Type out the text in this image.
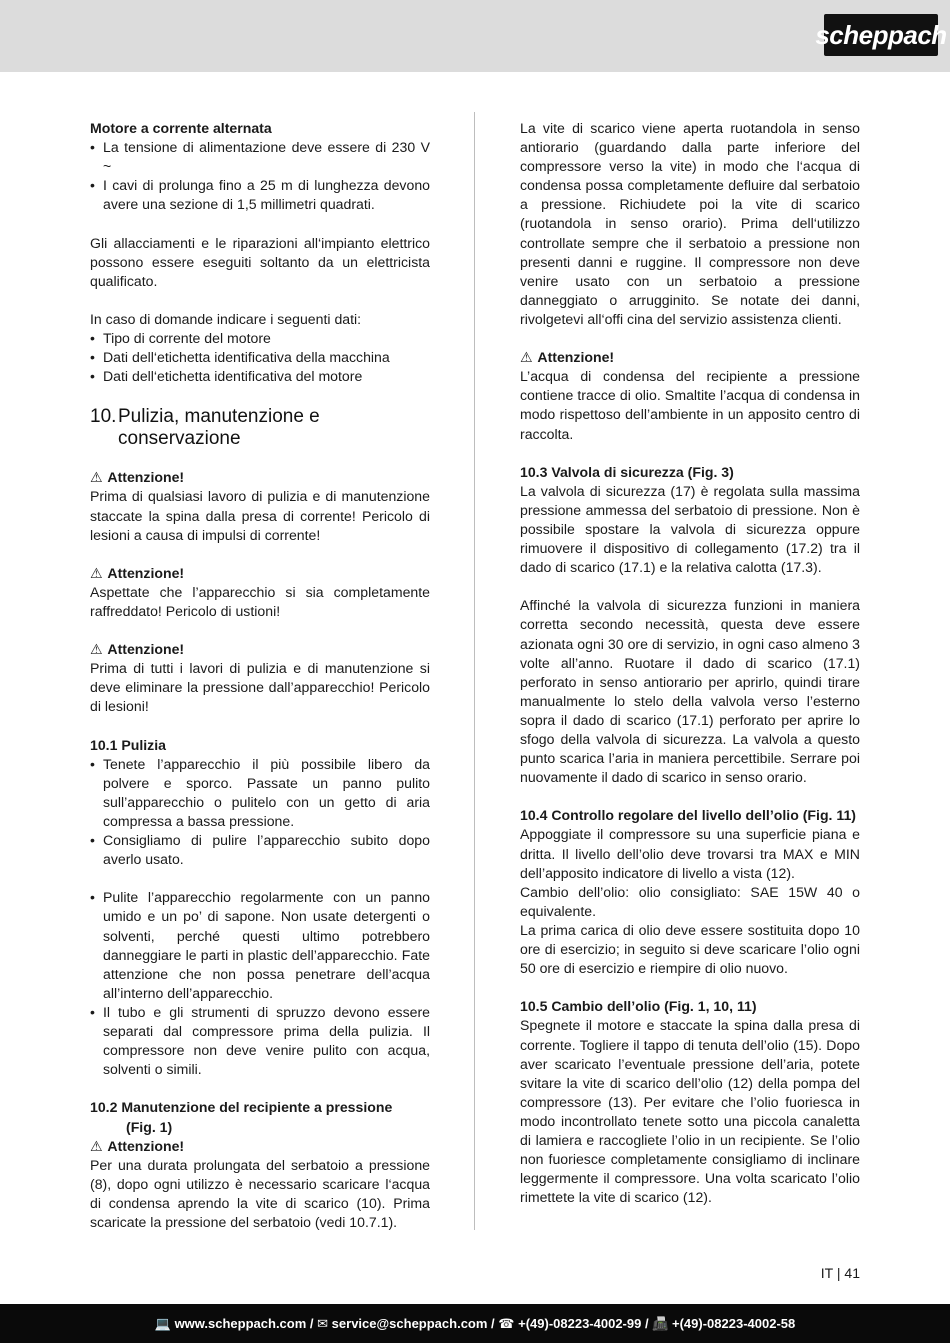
scheppach

Motore a corrente alternata

• La tensione di alimentazione deve essere di 230 V ~
• I cavi di prolunga fino a 25 m di lunghezza devono avere una sezione di 1,5 millimetri quadrati.

Gli allacciamenti e le riparazioni all‘impianto elettrico possono essere eseguiti soltanto da un elettricista qualificato.

In caso di domande indicare i seguenti dati:

• Tipo di corrente del motore
• Dati dell‘etichetta identificativa della macchina
• Dati dell‘etichetta identificativa del motore
10. Pulizia, manutenzione e conservazione

⚠ Attenzione!

Prima di qualsiasi lavoro di pulizia e di manutenzione staccate la spina dalla presa di corrente! Pericolo di lesioni a causa di impulsi di corrente!

⚠ Attenzione!

Aspettate che l’apparecchio si sia completamente raffreddato! Pericolo di ustioni!

⚠ Attenzione!

Prima di tutti i lavori di pulizia e di manutenzione si deve eliminare la pressione dall’apparecchio! Pericolo di lesioni!

10.1 Pulizia

• Tenete l’apparecchio il più possibile libero da polvere e sporco. Passate un panno pulito sull’apparecchio o pulitelo con un getto di aria compressa a bassa pressione.
• Consigliamo di pulire l’apparecchio subito dopo averlo usato.
• Pulite l’apparecchio regolarmente con un panno umido e un po’ di sapone. Non usate detergenti o solventi, perché questi ultimo potrebbero danneggiare le parti in plastic dell’apparecchio. Fate attenzione che non possa penetrare dell’acqua all’interno dell’apparecchio.
• Il tubo e gli strumenti di spruzzo devono essere separati dal compressore prima della pulizia. Il compressore non deve venire pulito con acqua, solventi o simili.

10.2 Manutenzione del recipiente a pressione

(Fig. 1)

⚠ Attenzione!

Per una durata prolungata del serbatoio a pressione (8), dopo ogni utilizzo è necessario scaricare l‘acqua di condensa aprendo la vite di scarico (10). Prima scaricate la pressione del serbatoio (vedi 10.7.1).

La vite di scarico viene aperta ruotandola in senso antiorario (guardando dalla parte inferiore del compressore verso la vite) in modo che l‘acqua di condensa possa completamente defluire dal serbatoio a pressione. Richiudete poi la vite di scarico (ruotandola in senso orario). Prima dell‘utilizzo controllate sempre che il serbatoio a pressione non presenti danni e ruggine. Il compressore non deve venire usato con un serbatoio a pressione danneggiato o arrugginito. Se notate dei danni, rivolgetevi all‘offi cina del servizio assistenza clienti.

⚠ Attenzione!

L’acqua di condensa del recipiente a pressione contiene tracce di olio. Smaltite l’acqua di condensa in modo rispettoso dell’ambiente in un apposito centro di raccolta.

10.3 Valvola di sicurezza (Fig. 3)

La valvola di sicurezza (17) è regolata sulla massima pressione ammessa del serbatoio di pressione. Non è possibile spostare la valvola di sicurezza oppure rimuovere il dispositivo di collegamento (17.2) tra il dado di scarico (17.1) e la relativa calotta (17.3).

Affinché la valvola di sicurezza funzioni in maniera corretta secondo necessità, questa deve essere azionata ogni 30 ore di servizio, in ogni caso almeno 3 volte all’anno. Ruotare il dado di scarico (17.1) perforato in senso antiorario per aprirlo, quindi tirare manualmente lo stelo della valvola verso l’esterno sopra il dado di scarico (17.1) perforato per aprire lo sfogo della valvola di sicurezza. La valvola a questo punto scarica l’aria in maniera percettibile. Serrare poi nuovamente il dado di scarico in senso orario.

10.4 Controllo regolare del livello dell’olio (Fig. 11)

Appoggiate il compressore su una superficie piana e dritta. Il livello dell’olio deve trovarsi tra MAX e MIN dell’apposito indicatore di livello a vista (12).

Cambio dell’olio: olio consigliato: SAE 15W 40 o equivalente.

La prima carica di olio deve essere sostituita dopo 10 ore di esercizio; in seguito si deve scaricare l’olio ogni 50 ore di esercizio e riempire di olio nuovo.

10.5 Cambio dell’olio (Fig. 1, 10, 11)

Spegnete il motore e staccate la spina dalla presa di corrente. Togliere il tappo di tenuta dell’olio (15). Dopo aver scaricato l’eventuale pressione dell’aria, potete svitare la vite di scarico dell’olio (12) della pompa del compressore (13). Per evitare che l’olio fuoriesca in modo incontrollato tenete sotto una piccola canaletta di lamiera e raccogliete l’olio in un recipiente. Se l’olio non fuoriesce completamente consigliamo di inclinare leggermente il compressore. Una volta scaricato l’olio rimettete la vite di scarico (12).

IT | 41
💻
www.scheppach.com / ✉
service@scheppach.com / ☎
+(49)-08223-4002-99 / 📠
+(49)-08223-4002-58
